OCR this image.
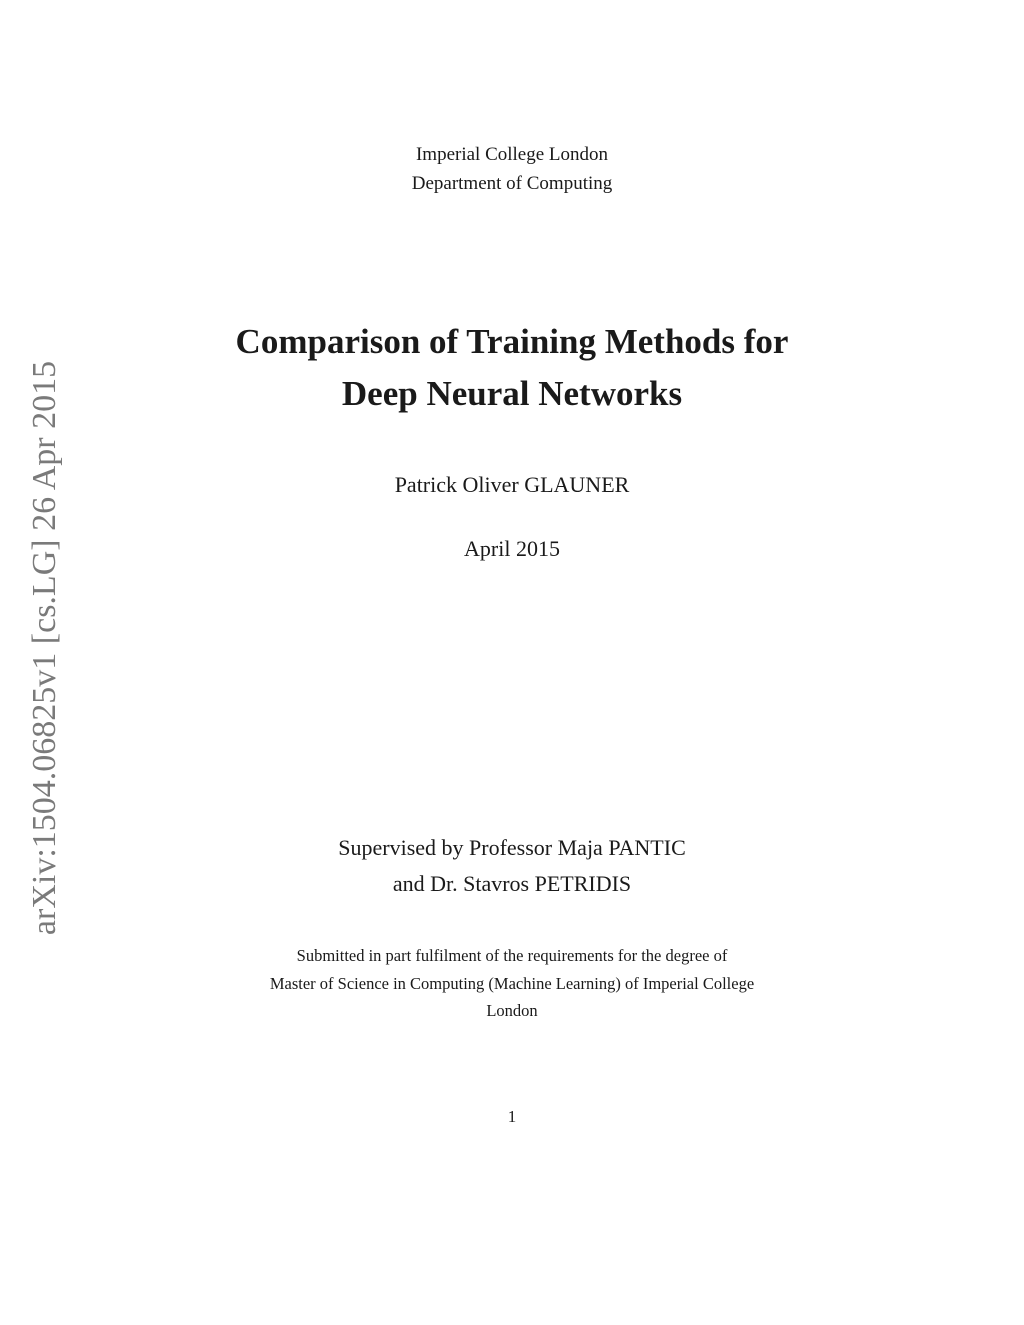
arXiv:1504.06825v1 [cs.LG] 26 Apr 2015
Imperial College London
Department of Computing
Comparison of Training Methods for
Deep Neural Networks
Patrick Oliver GLAUNER
April 2015
Supervised by Professor Maja PANTIC
and Dr. Stavros PETRIDIS
Submitted in part fulfilment of the requirements for the degree of
Master of Science in Computing (Machine Learning) of Imperial College
London
1
